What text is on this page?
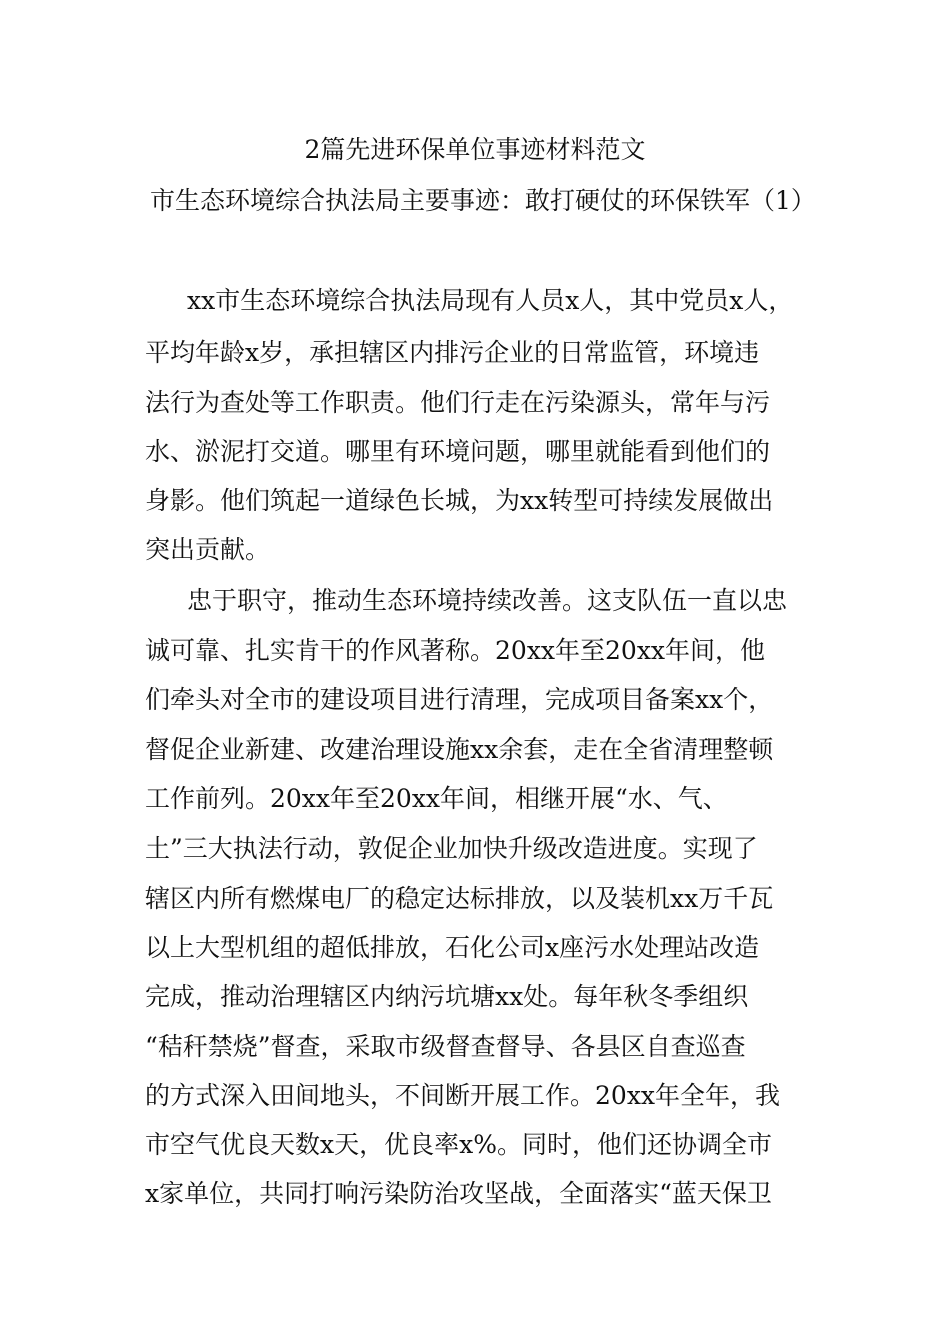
2篇先进环保单位事迹材料范文
市生态环境综合执法局主要事迹：敢打硬仗的环保铁军（1）

xx市生态环境综合执法局现有人员x人，其中党员x人，

平均年龄x岁，承担辖区内排污企业的日常监管，环境违

法行为查处等工作职责。他们行走在污染源头，常年与污

水、淤泥打交道。哪里有环境问题，哪里就能看到他们的

身影。他们筑起一道绿色长城，为xx转型可持续发展做出

突出贡献。

忠于职守，推动生态环境持续改善。这支队伍一直以忠

诚可靠、扎实肯干的作风著称。20xx年至20xx年间，他

们牵头对全市的建设项目进行清理，完成项目备案xx个，

督促企业新建、改建治理设施xx余套，走在全省清理整顿

工作前列。20xx年至20xx年间，相继开展“水、气、

土”三大执法行动，敦促企业加快升级改造进度。实现了

辖区内所有燃煤电厂的稳定达标排放，以及装机xx万千瓦

以上大型机组的超低排放，石化公司x座污水处理站改造

完成，推动治理辖区内纳污坑塘xx处。每年秋冬季组织

“秸秆禁烧”督查，采取市级督查督导、各县区自查巡查

的方式深入田间地头，不间断开展工作。20xx年全年，我

市空气优良天数x天，优良率x%。同时，他们还协调全市

x家单位，共同打响污染防治攻坚战，全面落实“蓝天保卫
